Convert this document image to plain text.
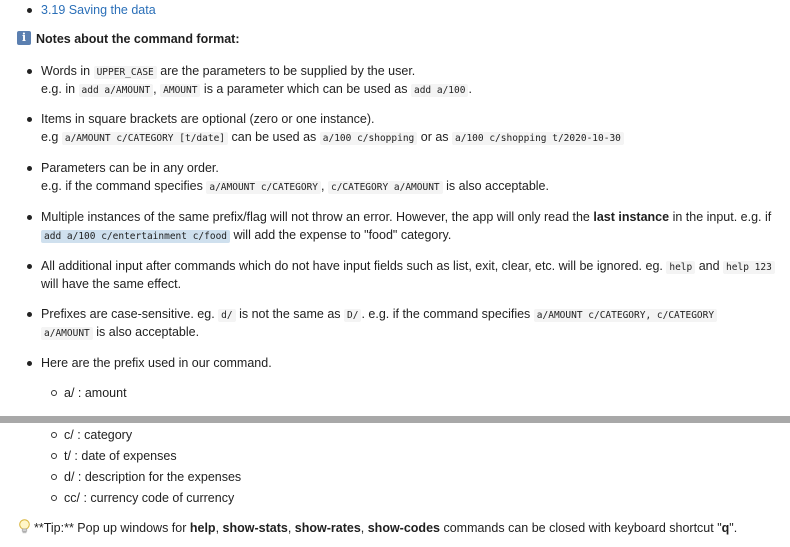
3.19 Saving the data
i Notes about the command format:
Words in UPPER_CASE are the parameters to be supplied by the user.
e.g. in add a/AMOUNT , AMOUNT is a parameter which can be used as add a/100 .
Items in square brackets are optional (zero or one instance).
e.g a/AMOUNT c/CATEGORY [t/date] can be used as a/100 c/shopping or as a/100 c/shopping t/2020-10-30
Parameters can be in any order.
e.g. if the command specifies a/AMOUNT c/CATEGORY , c/CATEGORY a/AMOUNT is also acceptable.
Multiple instances of the same prefix/flag will not throw an error. However, the app will only read the last instance in the input. e.g. if
add a/100 c/entertainment c/food will add the expense to "food" category.
All additional input after commands which do not have input fields such as list, exit, clear, etc. will be ignored. eg. help and help 123
will have the same effect.
Prefixes are case-sensitive. eg. d/ is not the same as D/ . e.g. if the command specifies a/AMOUNT c/CATEGORY, c/CATEGORY
a/AMOUNT is also acceptable.
Here are the prefix used in our command.
a/ : amount
c/ : category
t/ : date of expenses
d/ : description for the expenses
cc/ : currency code of currency
**Tip:** Pop up windows for help, show-stats, show-rates, show-codes commands can be closed with keyboard shortcut "q".
